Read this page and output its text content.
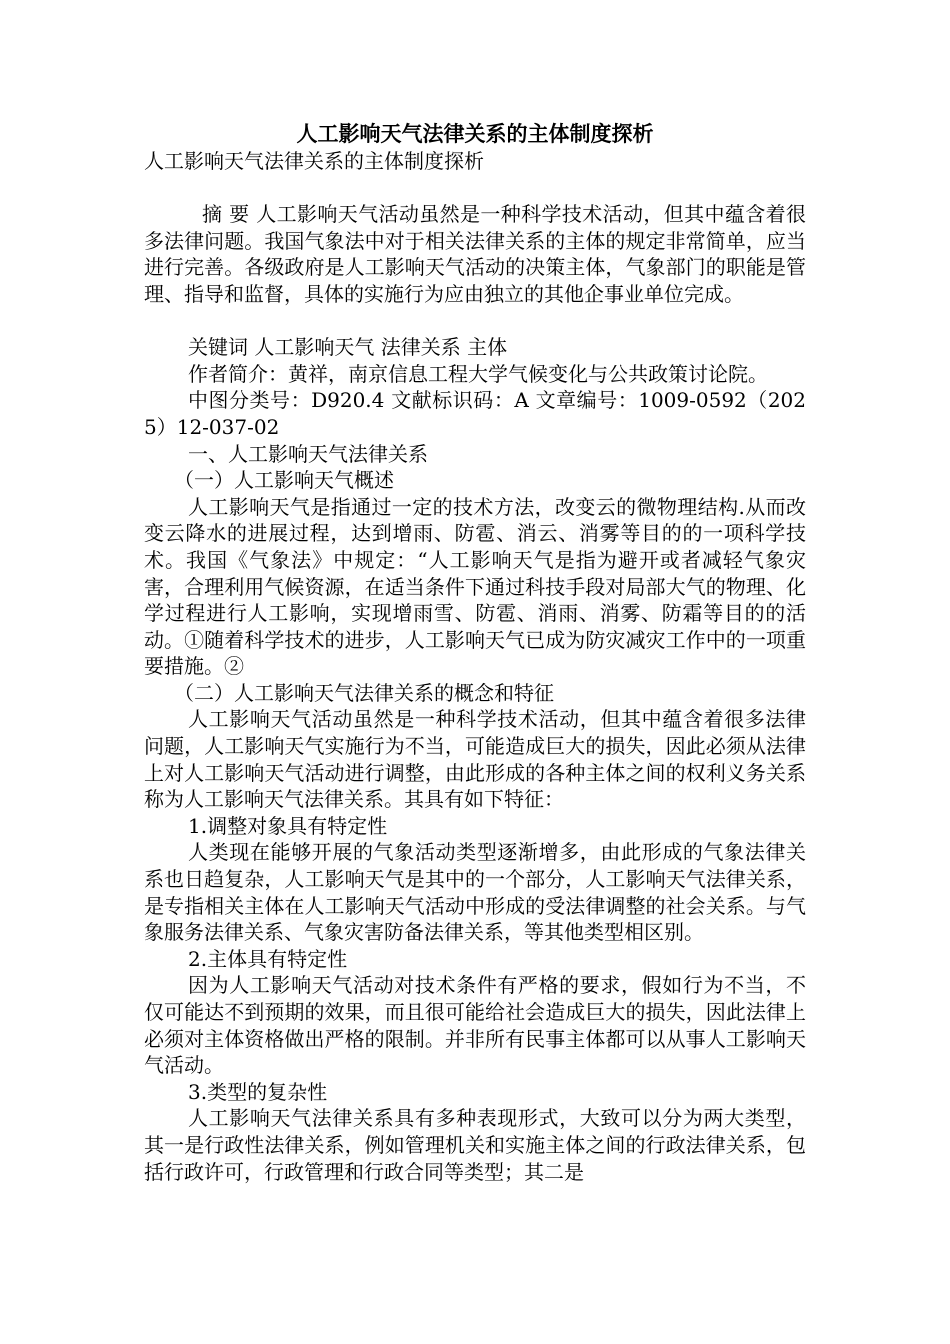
人工影响天气法律关系的主体制度探析

人工影响天气法律关系的主体制度探析

摘 要 人工影响天气活动虽然是一种科学技术活动，但其中蕴含着很多法律问题。我国气象法中对于相关法律关系的主体的规定非常简单，应当进行完善。各级政府是人工影响天气活动的决策主体，气象部门的职能是管理、指导和监督，具体的实施行为应由独立的其他企事业单位完成。

关键词 人工影响天气 法律关系 主体

作者简介：黄祥，南京信息工程大学气候变化与公共政策讨论院。

中图分类号：D920.4 文献标识码：A 文章编号：1009-0592（2025）12-037-02

一、人工影响天气法律关系

（一）人工影响天气概述

人工影响天气是指通过一定的技术方法，改变云的微物理结构.从而改变云降水的进展过程，达到增雨、防雹、消云、消雾等目的的一项科学技术。我国《气象法》中规定：“人工影响天气是指为避开或者减轻气象灾害，合理利用气候资源，在适当条件下通过科技手段对局部大气的物理、化学过程进行人工影响，实现增雨雪、防雹、消雨、消雾、防霜等目的的活动。①随着科学技术的进步，人工影响天气已成为防灾减灾工作中的一项重要措施。②

（二）人工影响天气法律关系的概念和特征

人工影响天气活动虽然是一种科学技术活动，但其中蕴含着很多法律问题，人工影响天气实施行为不当，可能造成巨大的损失，因此必须从法律上对人工影响天气活动进行调整，由此形成的各种主体之间的权利义务关系称为人工影响天气法律关系。其具有如下特征：

1.调整对象具有特定性

人类现在能够开展的气象活动类型逐渐增多，由此形成的气象法律关系也日趋复杂，人工影响天气是其中的一个部分，人工影响天气法律关系，是专指相关主体在人工影响天气活动中形成的受法律调整的社会关系。与气象服务法律关系、气象灾害防备法律关系，等其他类型相区别。

2.主体具有特定性

因为人工影响天气活动对技术条件有严格的要求，假如行为不当，不仅可能达不到预期的效果，而且很可能给社会造成巨大的损失，因此法律上必须对主体资格做出严格的限制。并非所有民事主体都可以从事人工影响天气活动。

3.类型的复杂性

人工影响天气法律关系具有多种表现形式，大致可以分为两大类型，其一是行政性法律关系，例如管理机关和实施主体之间的行政法律关系，包括行政许可，行政管理和行政合同等类型；其二是
